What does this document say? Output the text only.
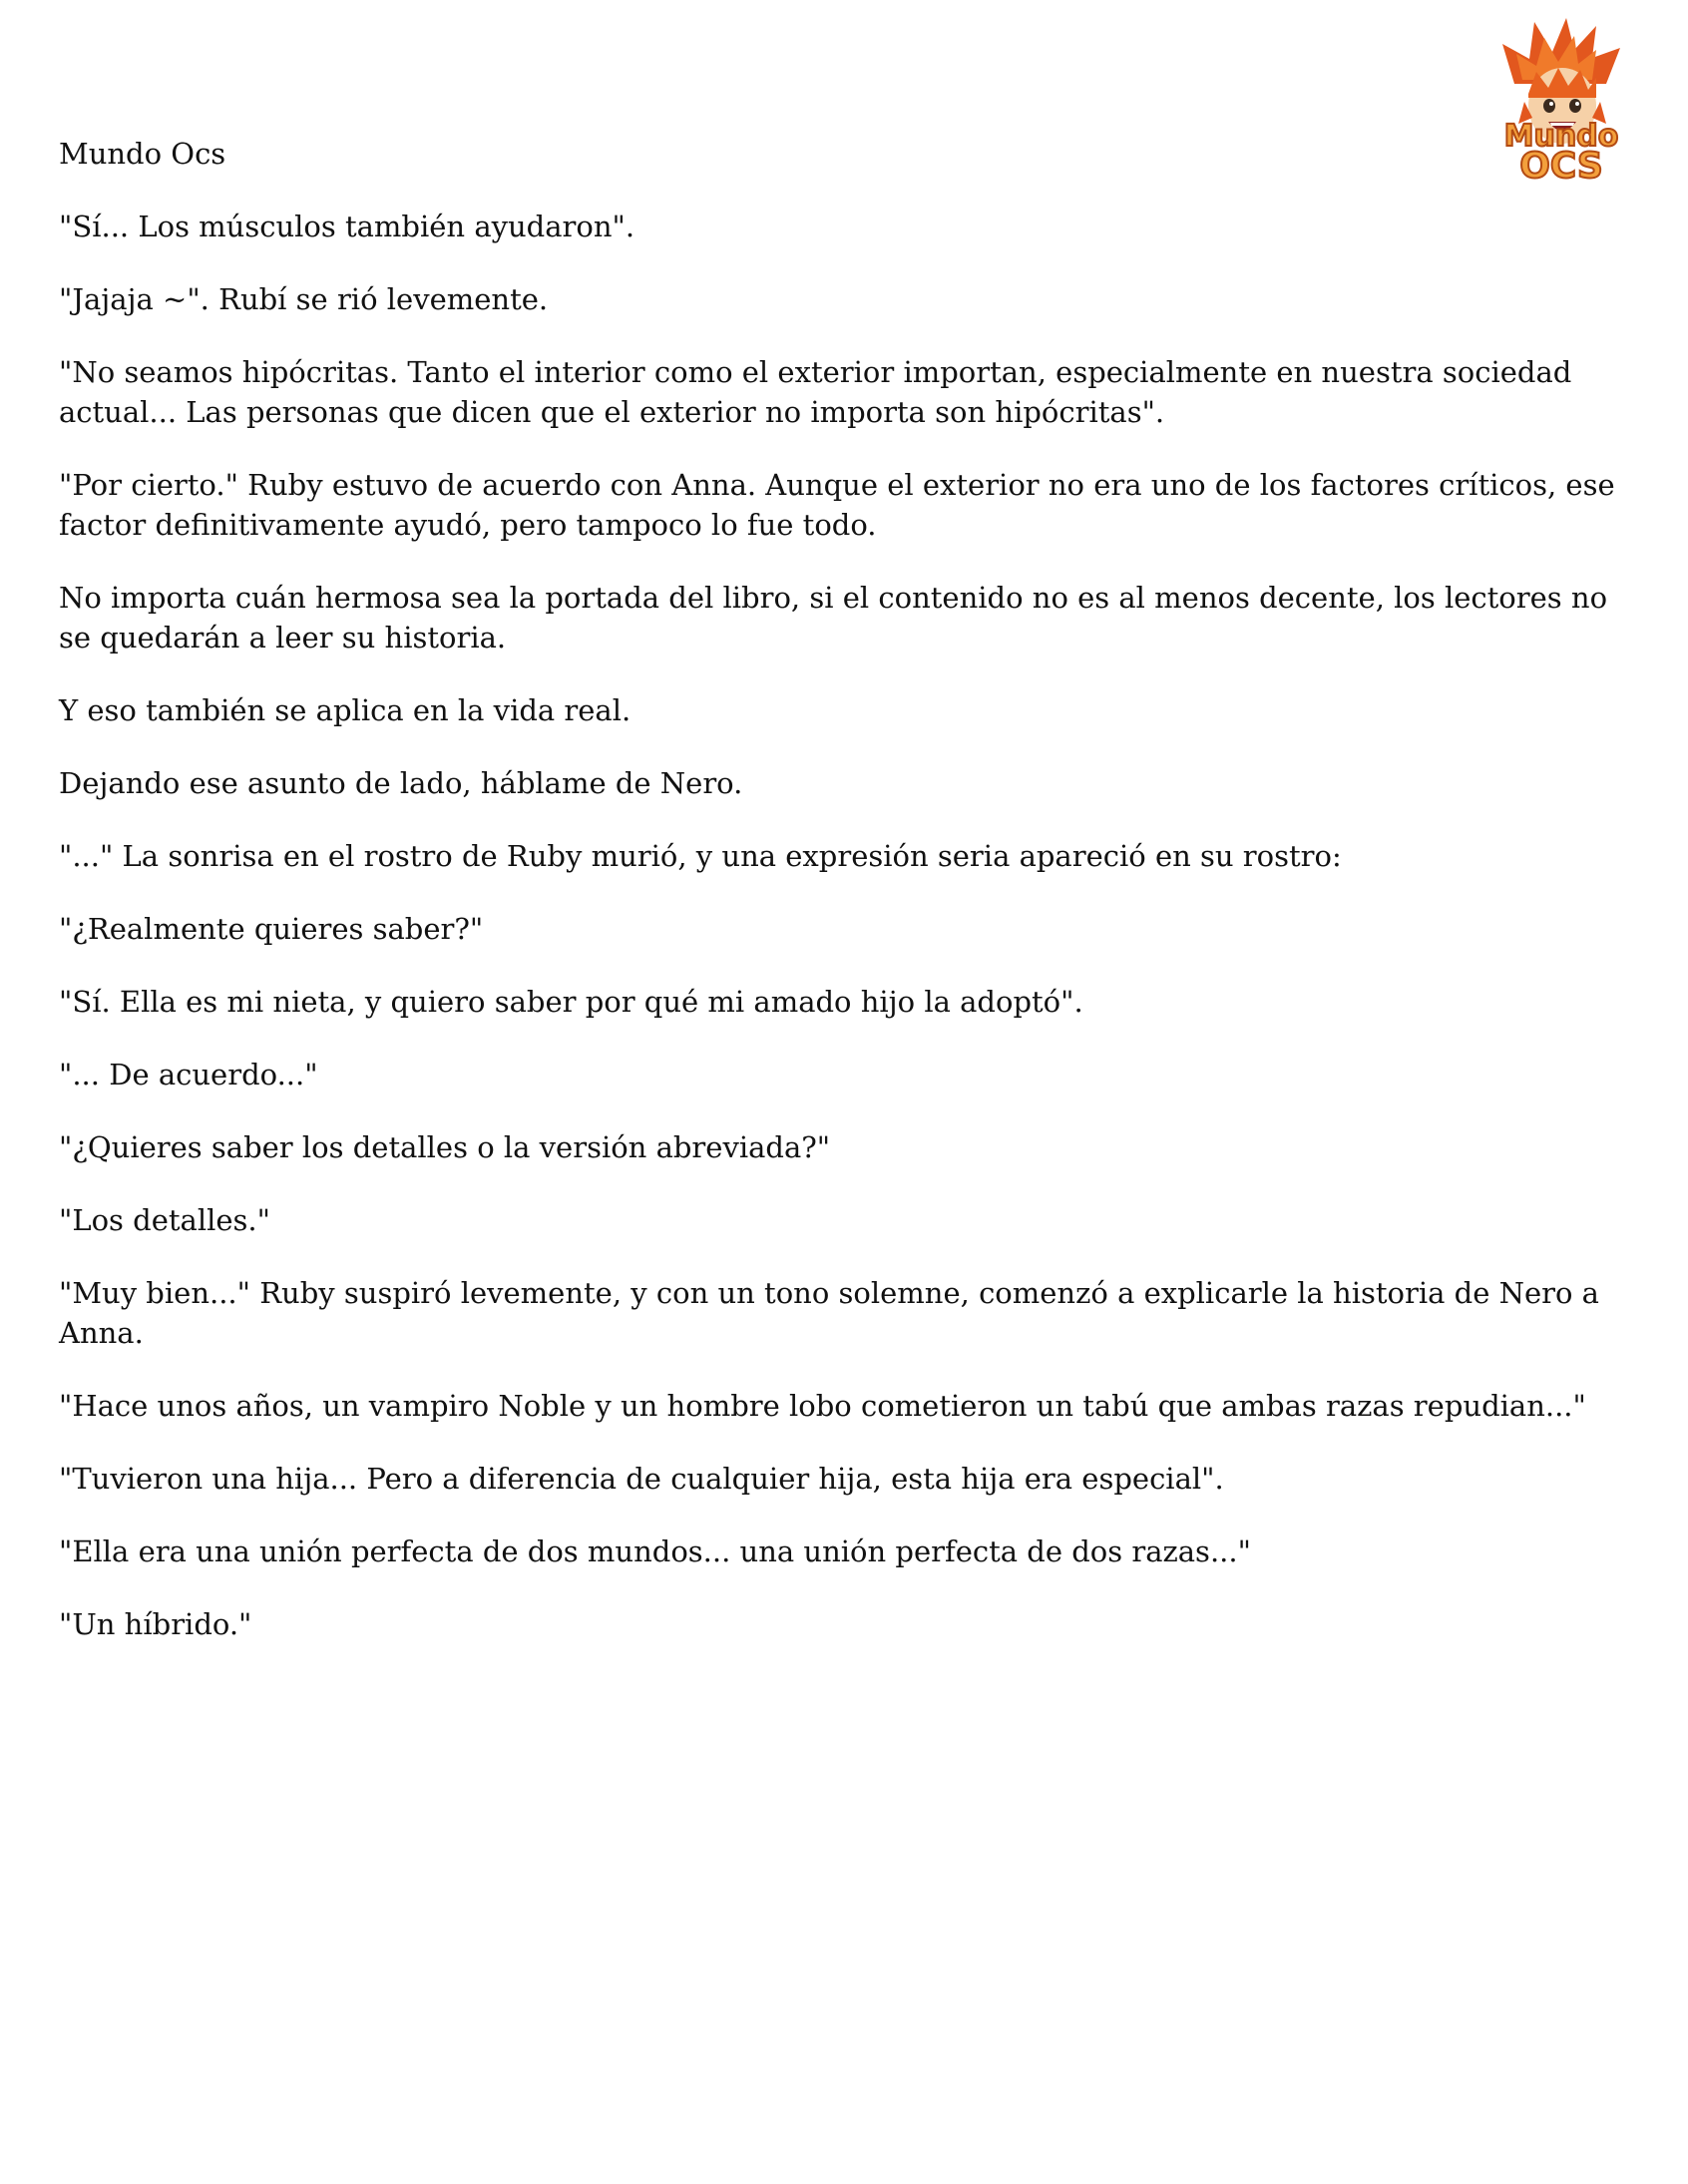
Mundo
OCS

Mundo Ocs

"Sí... Los músculos también ayudaron".

"Jajaja ~". Rubí se rió levemente.

"No seamos hipócritas. Tanto el interior como el exterior importan, especialmente en nuestra sociedad actual... Las personas que dicen que el exterior no importa son hipócritas".

"Por cierto." Ruby estuvo de acuerdo con Anna. Aunque el exterior no era uno de los factores críticos, ese factor definitivamente ayudó, pero tampoco lo fue todo.

No importa cuán hermosa sea la portada del libro, si el contenido no es al menos decente, los lectores no se quedarán a leer su historia.

Y eso también se aplica en la vida real.

Dejando ese asunto de lado, háblame de Nero.

"..." La sonrisa en el rostro de Ruby murió, y una expresión seria apareció en su rostro:

"¿Realmente quieres saber?"

"Sí. Ella es mi nieta, y quiero saber por qué mi amado hijo la adoptó".

"... De acuerdo..."

"¿Quieres saber los detalles o la versión abreviada?"

"Los detalles."

"Muy bien..." Ruby suspiró levemente, y con un tono solemne, comenzó a explicarle la historia de Nero a Anna.

"Hace unos años, un vampiro Noble y un hombre lobo cometieron un tabú que ambas razas repudian..."

"Tuvieron una hija... Pero a diferencia de cualquier hija, esta hija era especial".

"Ella era una unión perfecta de dos mundos... una unión perfecta de dos razas..."

"Un híbrido."
